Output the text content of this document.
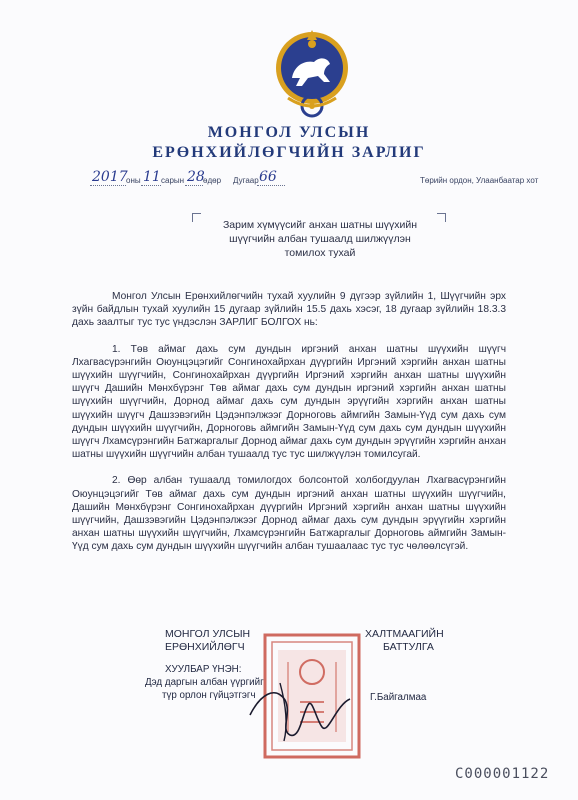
МОНГОЛ УЛСЫН
ЕРӨНХИЙЛӨГЧИЙН ЗАРЛИГ
2017
оны 11 сарын 28
өдөр Дугаар 66	Төрийн ордон, Улаанбаатар хот
Зарим хүмүүсийг анхан шатны шүүхийн
шүүгчийн албан тушаалд шилжүүлэн
томилох тухай

Монгол Улсын Ерөнхийлөгчийн тухай хуулийн 9 дүгээр зүйлийн 1, Шүүгчийн эрх зүйн байдлын тухай хуулийн 15 дугаар зүйлийн 15.5 дахь хэсэг, 18 дугаар зүйлийн 18.3.3 дахь заалтыг тус тус үндэслэн ЗАРЛИГ БОЛГОХ нь:

1. Төв аймаг дахь сум дундын иргэний анхан шатны шүүхийн шүүгч Лхагвасүрэнгийн Оюунцэцэгийг Сонгинохайрхан дүүргийн Иргэний хэргийн анхан шатны шүүхийн шүүгчийн, Сонгинохайрхан дүүргийн Иргэний хэргийн анхан шатны шүүхийн шүүгч Дашийн Мөнхбүрэнг Төв аймаг дахь сум дундын иргэний хэргийн анхан шатны шүүхийн шүүгчийн, Дорнод аймаг дахь сум дундын эрүүгийн хэргийн анхан шатны шүүхийн шүүгч Дашзэвэгийн Цэдэнпэлжээг Дорноговь аймгийн Замын-Үүд сум дахь сум дундын шүүхийн шүүгчийн, Дорноговь аймгийн Замын-Үүд сум дахь сум дундын шүүхийн шүүгч Лхамсүрэнгийн Батжаргалыг Дорнод аймаг дахь сум дундын эрүүгийн хэргийн анхан шатны шүүхийн шүүгчийн албан тушаалд тус тус шилжүүлэн томилсугай.

2. Өөр албан тушаалд томилогдох болсонтой холбогдуулан Лхагвасүрэнгийн Оюунцэцэгийг Төв аймаг дахь сум дундын иргэний анхан шатны шүүхийн шүүгчийн, Дашийн Мөнхбүрэнг Сонгинохайрхан дүүргийн Иргэний хэргийн анхан шатны шүүхийн шүүгчийн, Дашзэвэгийн Цэдэнпэлжээг Дорнод аймаг дахь сум дундын эрүүгийн хэргийн анхан шатны шүүхийн шүүгчийн, Лхамсүрэнгийн Батжаргалыг Дорноговь аймгийн Замын-Үүд сум дахь сум дундын шүүхийн шүүгчийн албан тушаалаас тус тус чөлөөлсүгэй.

МОНГОЛ УЛСЫН
ЕРӨНХИЙЛӨГЧ
ХАЛТМААГИЙН
БАТТУЛГА
ХУУЛБАР ҮНЭН:
Дэд даргын албан үүргийг
түр орлон гүйцэтгэгч	Г.Байгалмаа
C000001122
